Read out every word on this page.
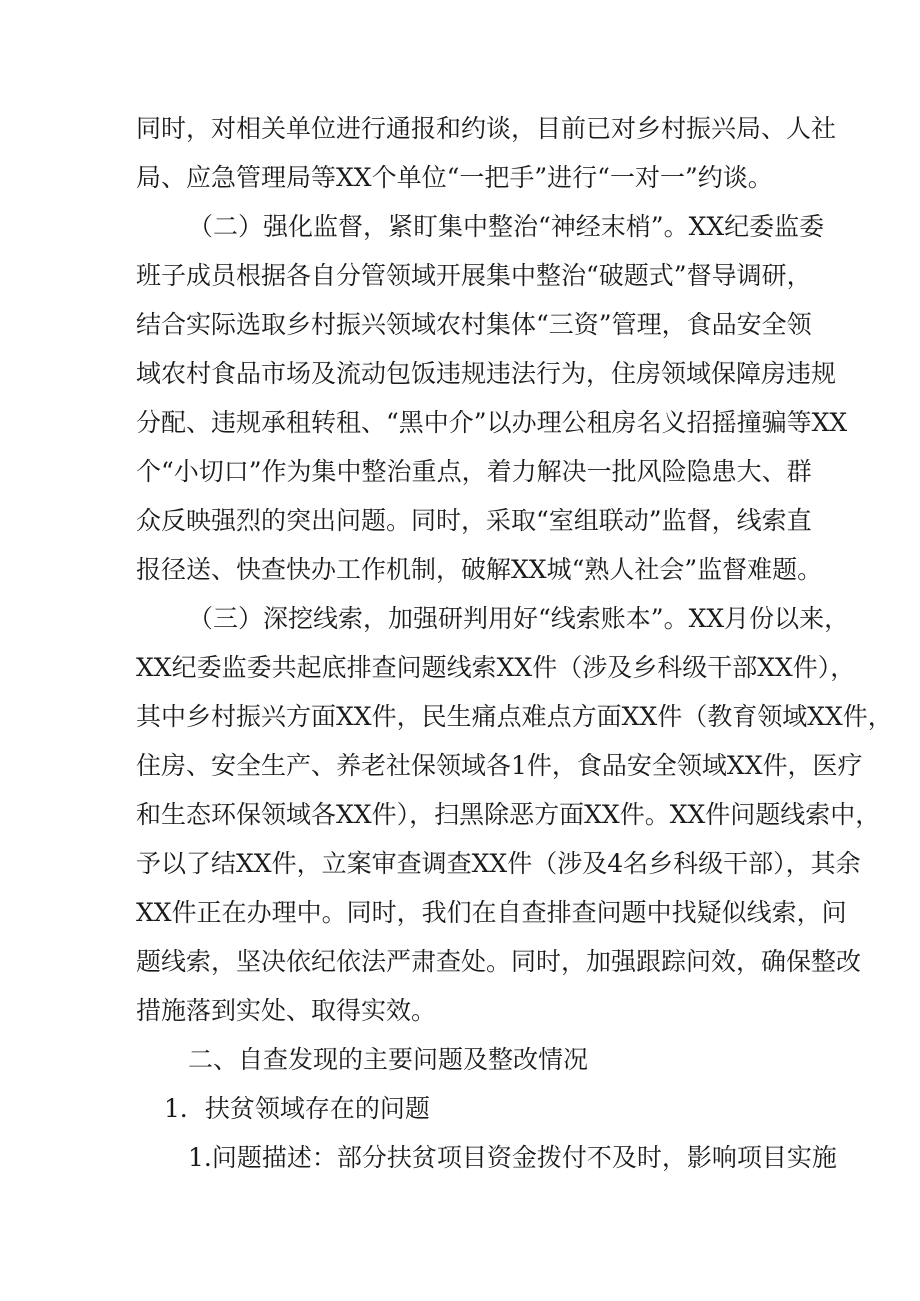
同时，对相关单位进行通报和约谈，目前已对乡村振兴局、人社
局、应急管理局等XX个单位“一把手”进行“一对一”约谈。
（二）强化监督，紧盯集中整治“神经末梢”。XX纪委监委
班子成员根据各自分管领域开展集中整治“破题式”督导调研，
结合实际选取乡村振兴领域农村集体“三资”管理，食品安全领
域农村食品市场及流动包饭违规违法行为，住房领域保障房违规
分配、违规承租转租、“黑中介”以办理公租房名义招摇撞骗等XX
个“小切口”作为集中整治重点，着力解决一批风险隐患大、群
众反映强烈的突出问题。同时，采取“室组联动”监督，线索直
报径送、快查快办工作机制，破解XX城“熟人社会”监督难题。
（三）深挖线索，加强研判用好“线索账本”。XX月份以来，
XX纪委监委共起底排查问题线索XX件（涉及乡科级干部XX件），
其中乡村振兴方面XX件，民生痛点难点方面XX件（教育领域XX件，
住房、安全生产、养老社保领域各1件，食品安全领域XX件，医疗
和生态环保领域各XX件），扫黑除恶方面XX件。XX件问题线索中，
予以了结XX件，立案审查调查XX件（涉及4名乡科级干部），其余
XX件正在办理中。同时，我们在自查排查问题中找疑似线索，问
题线索，坚决依纪依法严肃查处。同时，加强跟踪问效，确保整改
措施落到实处、取得实效。
二、自查发现的主要问题及整改情况
1．扶贫领域存在的问题
1.问题描述：部分扶贫项目资金拨付不及时，影响项目实施
